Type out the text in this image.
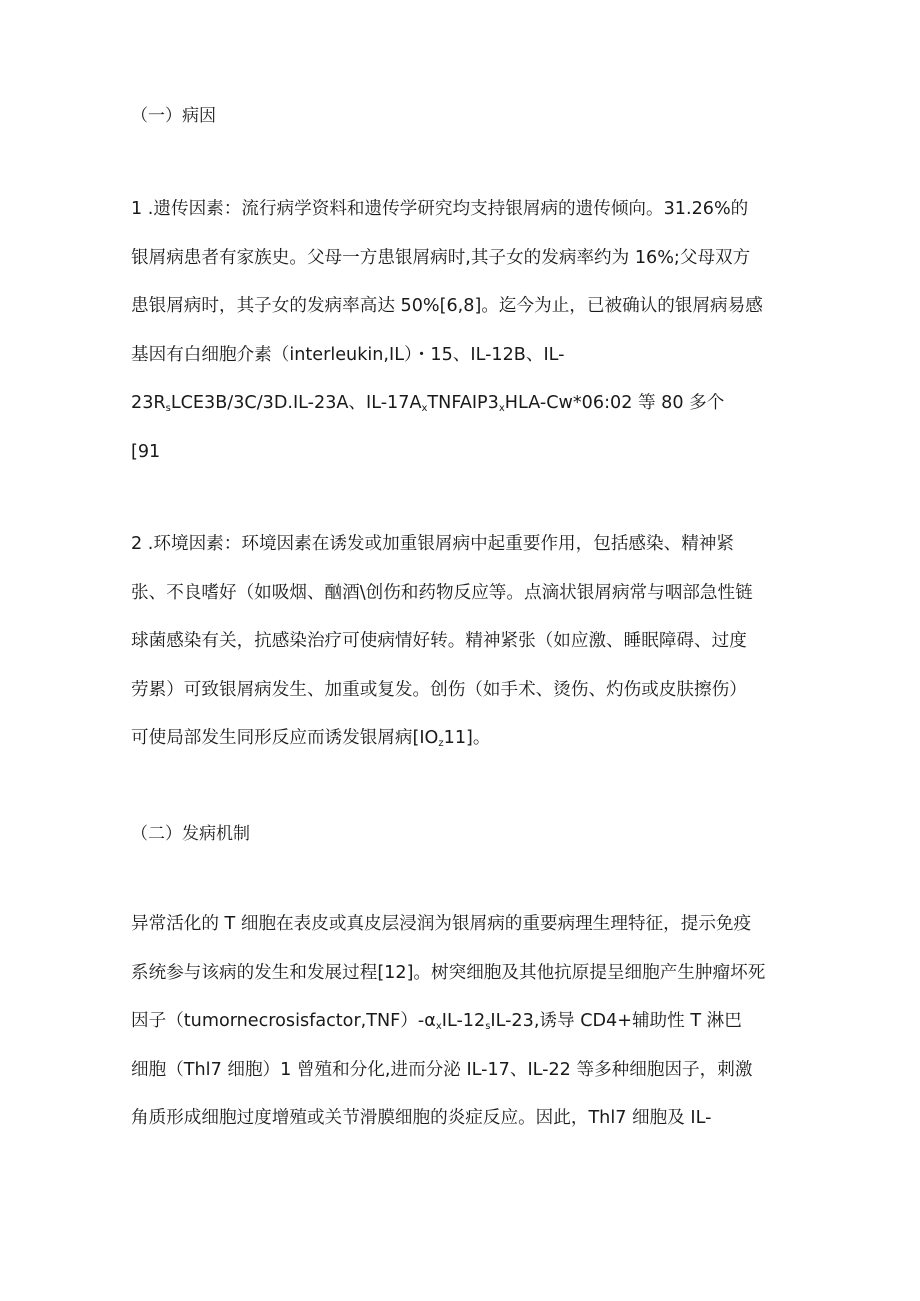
（一）病因
1 .遗传因素：流行病学资料和遗传学研究均支持银屑病的遗传倾向。31.26%的
银屑病患者有家族史。父母一方患银屑病时,其子女的发病率约为 16%;父母双方
患银屑病时，其子女的发病率高达 50%[6,8]。迄今为止，已被确认的银屑病易感
基因有白细胞介素（interleukin,IL）・15、IL-12B、IL-
$23R_sLCE3B∕3C∕3D.IL-23A$、$IL-17A_xTNFAIP3_xHLA-Cw*06:02$ 等 80 多个
[91
2 .环境因素：环境因素在诱发或加重银屑病中起重要作用，包括感染、精神紧
张、不良嗜好（如吸烟、酗酒\创伤和药物反应等。点滴状银屑病常与咽部急性链
球菌感染有关，抗感染治疗可使病情好转。精神紧张（如应激、睡眠障碍、过度
劳累）可致银屑病发生、加重或复发。创伤（如手术、烫伤、灼伤或皮肤擦伤）
可使局部发生同形反应而诱发银屑病$[IO_z11]$。
（二）发病机制
异常活化的 T 细胞在表皮或真皮层浸润为银屑病的重要病理生理特征，提示免疫
系统参与该病的发生和发展过程[12]。树突细胞及其他抗原提呈细胞产生肿瘤坏死
因子$(tumornecrosisfactor,TNF)-\alpha_xIL-12_sIL-23$,诱导 CD4+辅助性 T 淋巴
细胞（Thl7 细胞）1 曾殖和分化,进而分泌 IL-17、IL-22 等多种细胞因子，刺激
角质形成细胞过度增殖或关节滑膜细胞的炎症反应。因此，Thl7 细胞及 IL-
